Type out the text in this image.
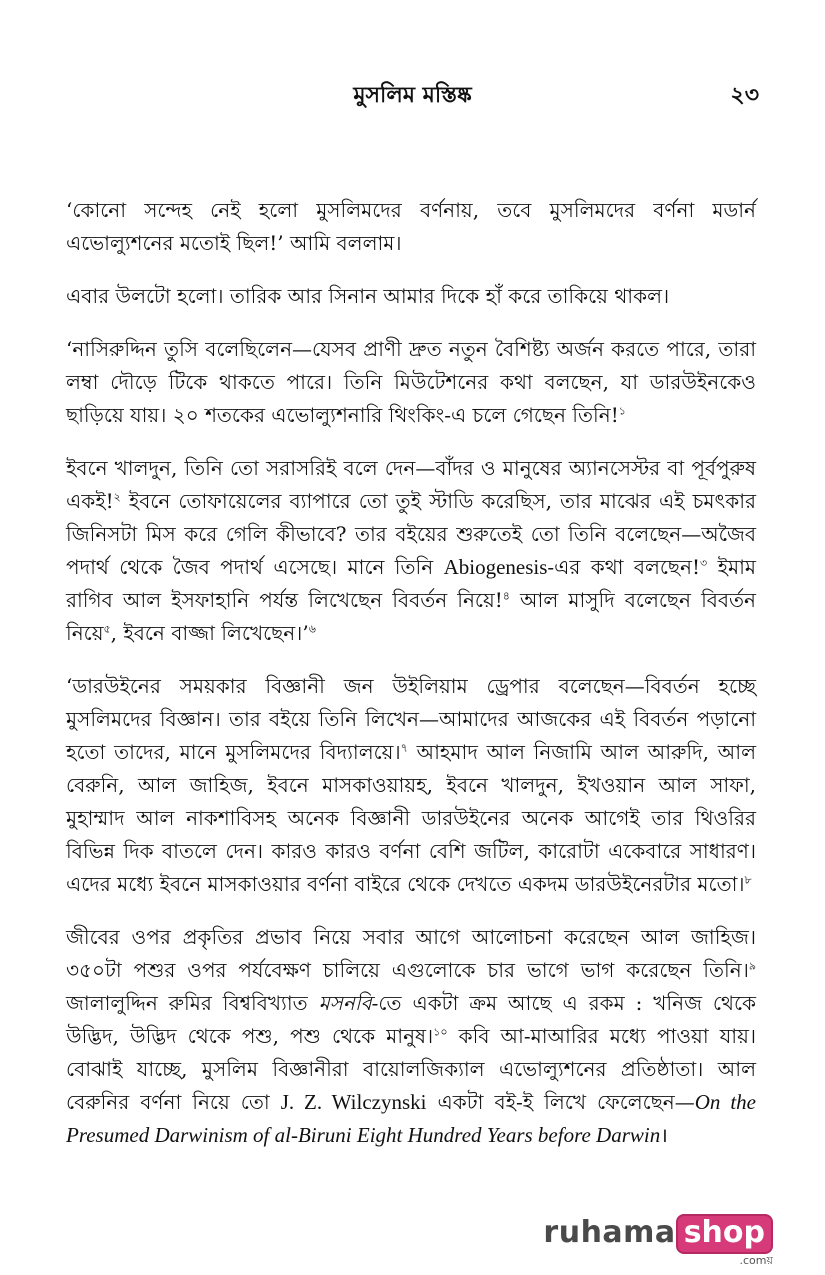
মুসলিম মস্তিষ্ক	২৩

‘কোনো সন্দেহ নেই হলো মুসলিমদের বর্ণনায়, তবে মুসলিমদের বর্ণনা মডার্ন এভোল্যুশনের মতোই ছিল!’ আমি বললাম।

এবার উলটো হলো। তারিক আর সিনান আমার দিকে হাঁ করে তাকিয়ে থাকল।

‘নাসিরুদ্দিন তুসি বলেছিলেন—যেসব প্রাণী দ্রুত নতুন বৈশিষ্ট্য অর্জন করতে পারে, তারা লম্বা দৌড়ে টিকে থাকতে পারে। তিনি মিউটেশনের কথা বলছেন, যা ডারউইনকেও ছাড়িয়ে যায়। ২০ শতকের এভোল্যুশনারি থিংকিং-এ চলে গেছেন তিনি!$^১$

ইবনে খালদুন, তিনি তো সরাসরিই বলে দেন—বাঁদর ও মানুষের অ্যানসেস্টর বা পূর্বপুরুষ একই!$^২$ ইবনে তোফায়েলের ব্যাপারে তো তুই স্টাডি করেছিস, তার মাঝের এই চমৎকার জিনিসটা মিস করে গেলি কীভাবে? তার বইয়ের শুরুতেই তো তিনি বলেছেন—অজৈব পদার্থ থেকে জৈব পদার্থ এসেছে। মানে তিনি Abiogenesis-এর কথা বলছেন!$^৩$ ইমাম রাগিব আল ইসফাহানি পর্যন্ত লিখেছেন বিবর্তন নিয়ে!$^৪$ আল মাসুদি বলেছেন বিবর্তন নিয়ে$^৫$, ইবনে বাজ্জা লিখেছেন।’$^৬$

‘ডারউইনের সময়কার বিজ্ঞানী জন উইলিয়াম ড্রেপার বলেছেন—বিবর্তন হচ্ছে মুসলিমদের বিজ্ঞান। তার বইয়ে তিনি লিখেন—আমাদের আজকের এই বিবর্তন পড়ানো হতো তাদের, মানে মুসলিমদের বিদ্যালয়ে।$^৭$ আহমাদ আল নিজামি আল আরুদি, আল বেরুনি, আল জাহিজ, ইবনে মাসকাওয়ায়হ, ইবনে খালদুন, ইখওয়ান আল সাফা, মুহাম্মাদ আল নাকশাবিসহ অনেক বিজ্ঞানী ডারউইনের অনেক আগেই তার থিওরির বিভিন্ন দিক বাতলে দেন। কারও কারও বর্ণনা বেশি জটিল, কারোটা একেবারে সাধারণ। এদের মধ্যে ইবনে মাসকাওয়ার বর্ণনা বাইরে থেকে দেখতে একদম ডারউইনেরটার মতো।$^৮$

জীবের ওপর প্রকৃতির প্রভাব নিয়ে সবার আগে আলোচনা করেছেন আল জাহিজ। ৩৫০টা পশুর ওপর পর্যবেক্ষণ চালিয়ে এগুলোকে চার ভাগে ভাগ করেছেন তিনি।$^৯$ জালালুদ্দিন রুমির বিশ্ববিখ্যাত মসনবি-তে একটা ক্রম আছে এ রকম : খনিজ থেকে উদ্ভিদ, উদ্ভিদ থেকে পশু, পশু থেকে মানুষ।$^{১০}$ কবি আ-মাআরির মধ্যে পাওয়া যায়। বোঝাই যাচ্ছে, মুসলিম বিজ্ঞানীরা বায়োলজিক্যাল এভোল্যুশনের প্রতিষ্ঠাতা। আল বেরুনির বর্ণনা নিয়ে তো J. Z. Wilczynski একটা বই-ই লিখে ফেলেছেন—On the Presumed Darwinism of al-Biruni Eight Hundred Years before Darwin।

ruhama shop
.comয়
